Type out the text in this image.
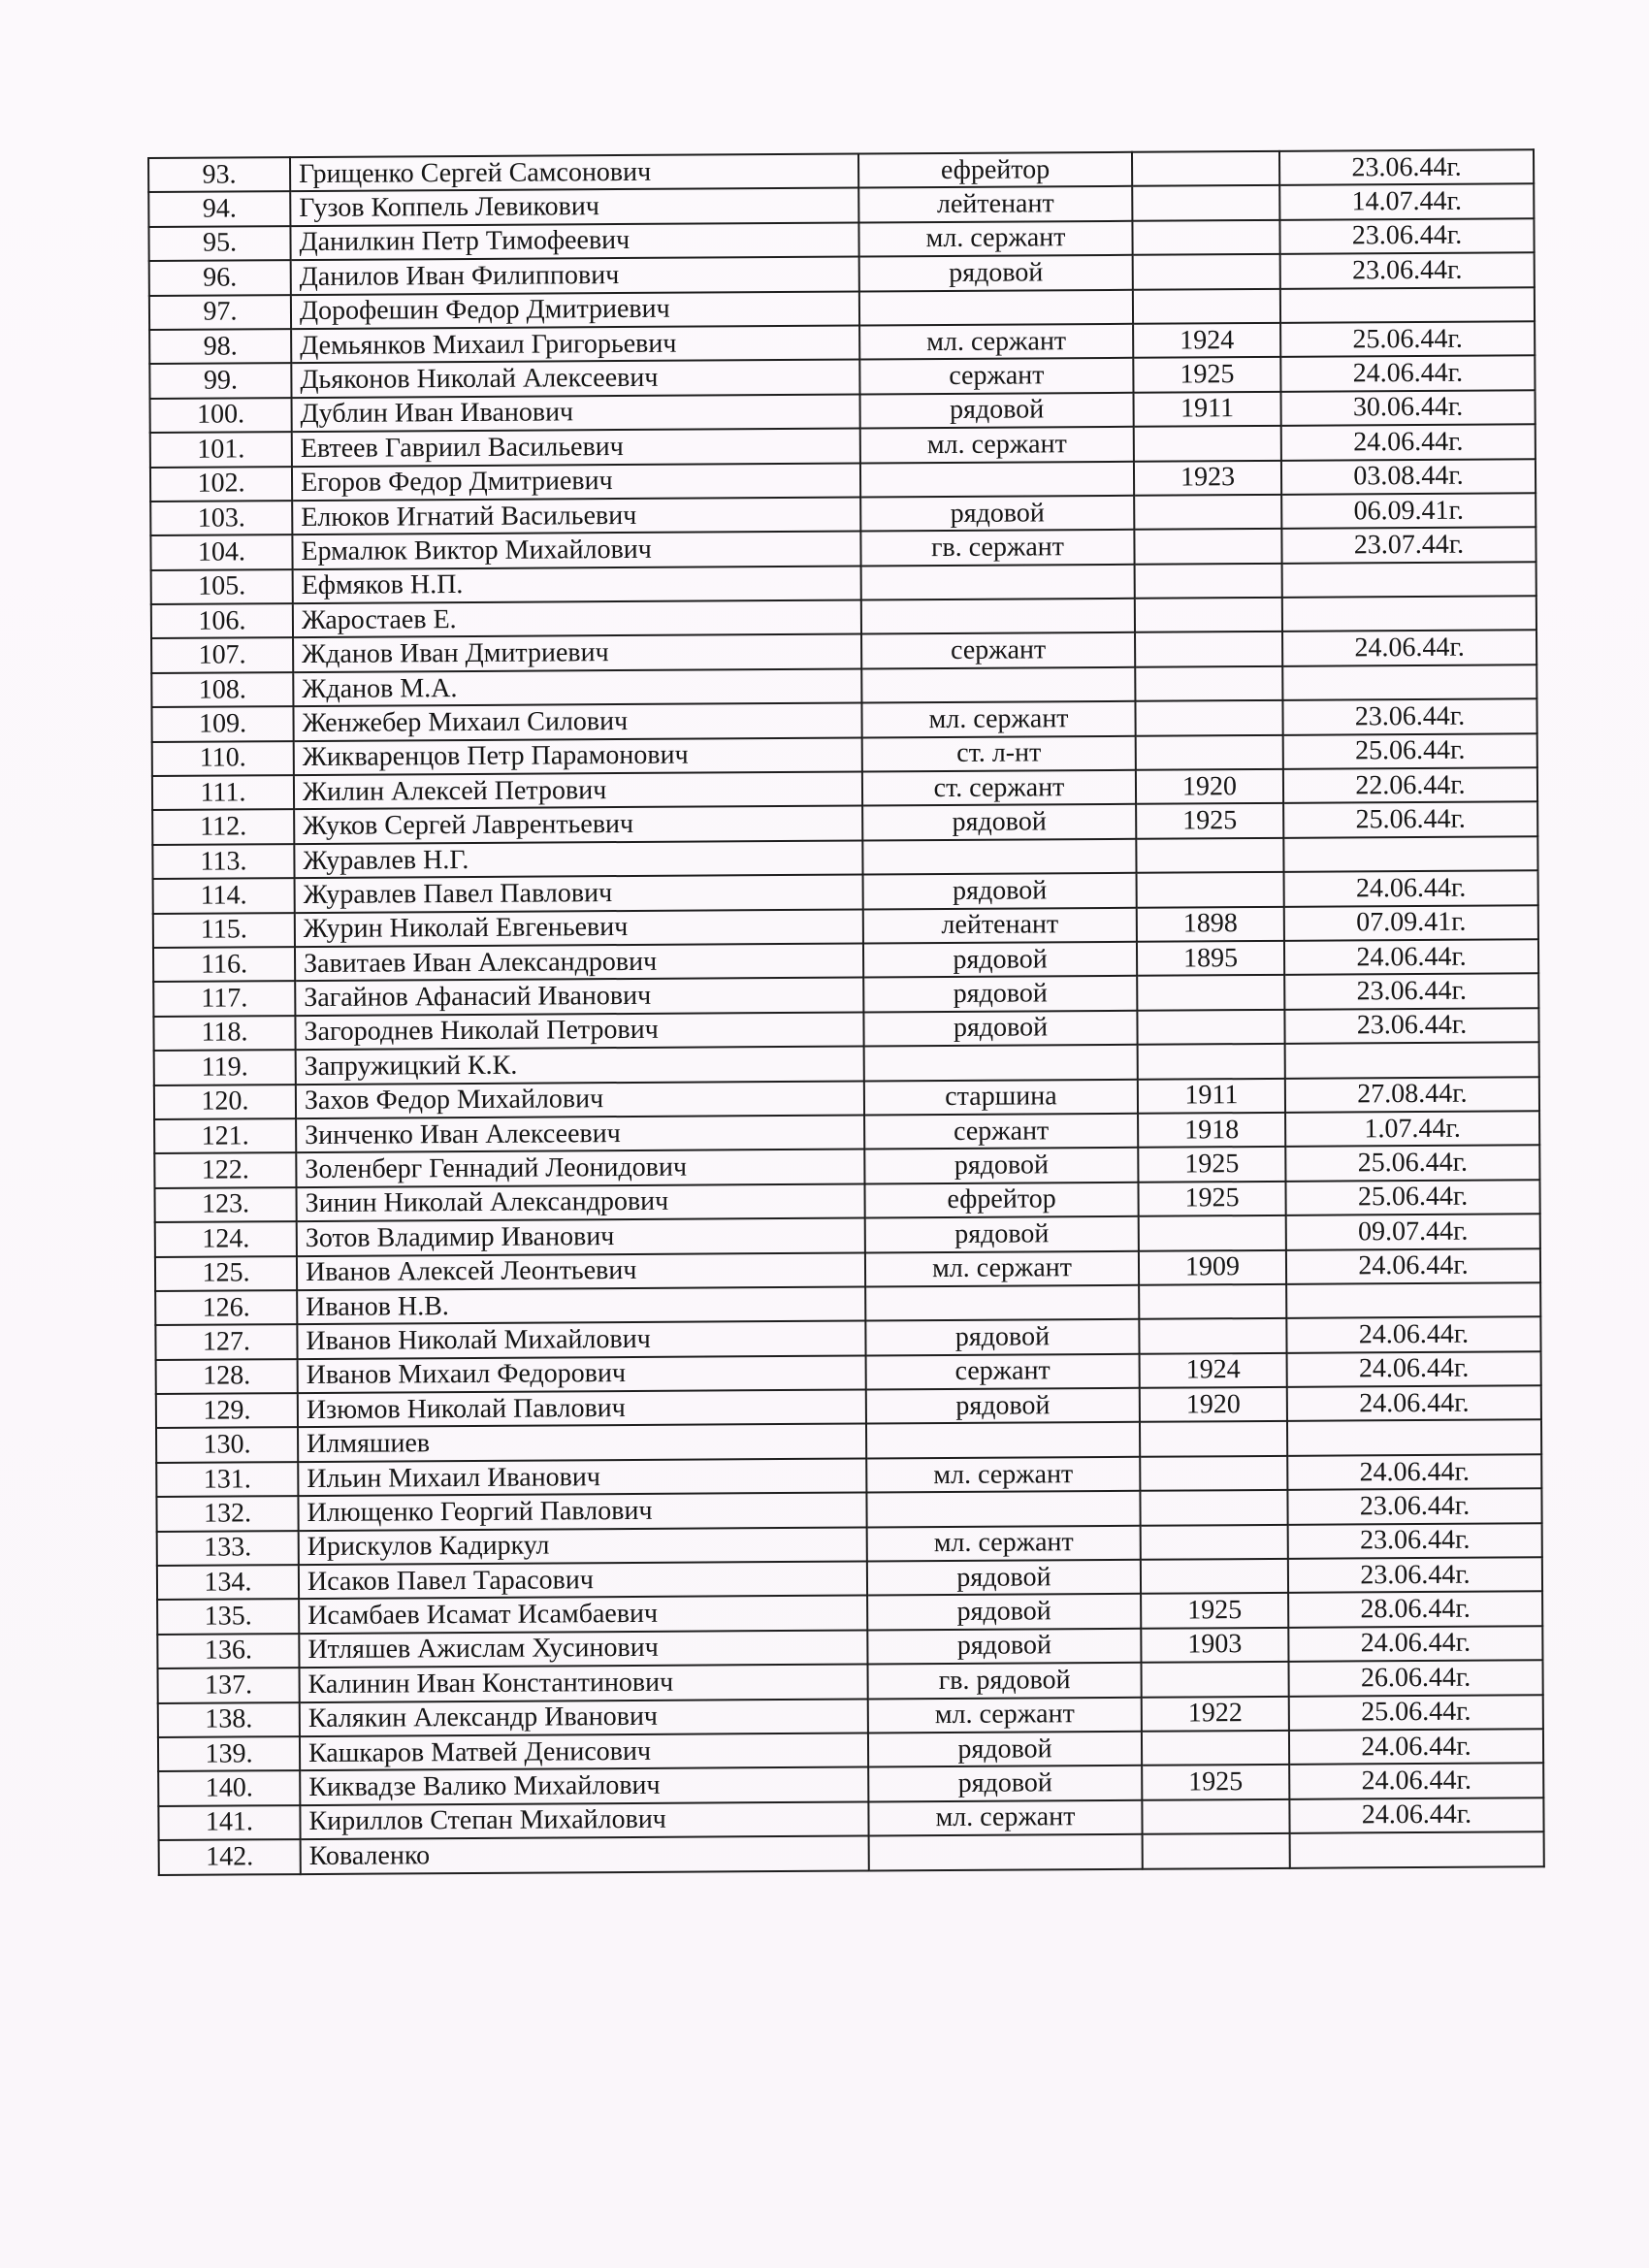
93.	Грищенко Сергей Самсонович	ефрейтор		23.06.44г.
94.	Гузов Коппель Левикович	лейтенант		14.07.44г.
95.	Данилкин Петр Тимофеевич	мл. сержант		23.06.44г.
96.	Данилов Иван Филиппович	рядовой		23.06.44г.
97.	Дорофешин Федор Дмитриевич			
98.	Демьянков Михаил Григорьевич	мл. сержант	1924	25.06.44г.
99.	Дьяконов Николай Алексеевич	сержант	1925	24.06.44г.
100.	Дублин Иван Иванович	рядовой	1911	30.06.44г.
101.	Евтеев Гавриил Васильевич	мл. сержант		24.06.44г.
102.	Егоров Федор Дмитриевич		1923	03.08.44г.
103.	Елюков Игнатий Васильевич	рядовой		06.09.41г.
104.	Ермалюк Виктор Михайлович	гв. сержант		23.07.44г.
105.	Ефмяков Н.П.			
106.	Жаростаев Е.			
107.	Жданов Иван Дмитриевич	сержант		24.06.44г.
108.	Жданов М.А.			
109.	Женжебер Михаил Силович	мл. сержант		23.06.44г.
110.	Жикваренцов Петр Парамонович	ст. л-нт		25.06.44г.
111.	Жилин Алексей Петрович	ст. сержант	1920	22.06.44г.
112.	Жуков Сергей Лаврентьевич	рядовой	1925	25.06.44г.
113.	Журавлев Н.Г.			
114.	Журавлев Павел Павлович	рядовой		24.06.44г.
115.	Журин Николай Евгеньевич	лейтенант	1898	07.09.41г.
116.	Завитаев Иван Александрович	рядовой	1895	24.06.44г.
117.	Загайнов Афанасий Иванович	рядовой		23.06.44г.
118.	Загороднев Николай Петрович	рядовой		23.06.44г.
119.	Запружицкий К.К.			
120.	Захов Федор Михайлович	старшина	1911	27.08.44г.
121.	Зинченко Иван Алексеевич	сержант	1918	1.07.44г.
122.	Золенберг Геннадий Леонидович	рядовой	1925	25.06.44г.
123.	Зинин Николай Александрович	ефрейтор	1925	25.06.44г.
124.	Зотов Владимир Иванович	рядовой		09.07.44г.
125.	Иванов Алексей Леонтьевич	мл. сержант	1909	24.06.44г.
126.	Иванов Н.В.			
127.	Иванов Николай Михайлович	рядовой		24.06.44г.
128.	Иванов Михаил Федорович	сержант	1924	24.06.44г.
129.	Изюмов Николай Павлович	рядовой	1920	24.06.44г.
130.	Илмяшиев			
131.	Ильин Михаил Иванович	мл. сержант		24.06.44г.
132.	Илющенко Георгий Павлович			23.06.44г.
133.	Ирискулов Кадиркул	мл. сержант		23.06.44г.
134.	Исаков Павел Тарасович	рядовой		23.06.44г.
135.	Исамбаев Исамат Исамбаевич	рядовой	1925	28.06.44г.
136.	Итляшев Ажислам Хусинович	рядовой	1903	24.06.44г.
137.	Калинин Иван Константинович	гв. рядовой		26.06.44г.
138.	Калякин Александр Иванович	мл. сержант	1922	25.06.44г.
139.	Кашкаров Матвей Денисович	рядовой		24.06.44г.
140.	Киквадзе Валико Михайлович	рядовой	1925	24.06.44г.
141.	Кириллов Степан Михайлович	мл. сержант		24.06.44г.
142.	Коваленко			
